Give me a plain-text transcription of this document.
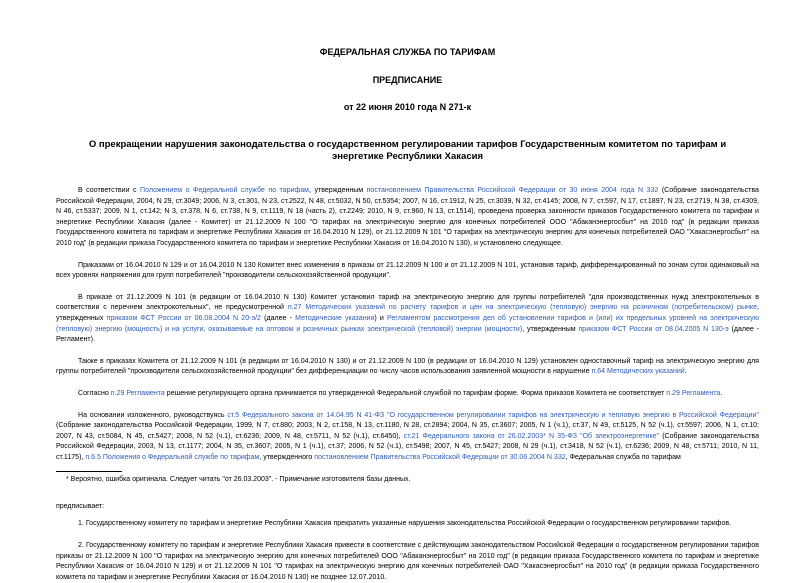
ФЕДЕРАЛЬНАЯ СЛУЖБА ПО ТАРИФАМ
ПРЕДПИСАНИЕ
от 22 июня 2010 года N 271-к
О прекращении нарушения законодательства о государственном регулировании тарифов Государственным комитетом по тарифам и энергетике Республики Хакасия

В соответствии с Положением о Федеральной службе по тарифам, утвержденным постановлением Правительства Российской Федерации от 30 июня 2004 года N 332 (Собрание законодательства Российской Федерации, 2004, N 29, ст.3049; 2006, N 3, ст.301, N 23, ст.2522, N 48, ст.5032, N 50, ст.5354; 2007, N 16, ст.1912, N 25, ст.3039, N 32, ст.4145; 2008, N 7, ст.597, N 17, ст.1897, N 23, ст.2719, N 38, ст.4309, N 46, ст.5337; 2009, N 1, ст.142; N 3, ст.378, N 6, ст.738, N 9, ст.1119, N 18 (часть 2), ст.2249; 2010, N 9, ст.960, N 13, ст.1514), проведена проверка законности приказов Государственного комитета по тарифам и энергетике Республики Хакасия (далее - Комитет) от 21.12.2009 N 100 "О тарифах на электрическую энергию для конечных потребителей ООО "Абаканэнергосбыт" на 2010 год" (в редакции приказа Государственного комитета по тарифам и энергетике Республики Хакасия от 16.04.2010 N 129), от 21.12.2009 N 101 "О тарифах на электрическую энергию для конечных потребителей ОАО "Хакасэнергосбыт" на 2010 год" (в редакции приказа Государственного комитета по тарифам и энергетике Республики Хакасия от 16.04.2010 N 130), и установлено следующее.

Приказами от 16.04.2010 N 129 и от 16.04.2010 N 130 Комитет внес изменения в приказы от 21.12.2009 N 100 и от 21.12.2009 N 101, установив тариф, дифференцированный по зонам суток одинаковый на всех уровнях напряжения для групп потребителей "производители сельскохозяйственной продукции".

В приказе от 21.12.2009 N 101 (в редакции от 16.04.2010 N 130) Комитет установил тариф на электрическую энергию для группы потребителей "для производственных нужд электрокотельных в соответствии с перечнем электрокотельных", не предусмотренной п.27 Методических указаний по расчету тарифов и цен на электрическую (тепловую) энергию на розничном (потребительском) рынке, утвержденных приказом ФСТ России от 06.08.2004 N 20-э/2 (далее - Методические указания) и Регламентом рассмотрения дел об установлении тарифов и (или) их предельных уровней на электрическую (тепловую) энергию (мощность) и на услуги, оказываемые на оптовом и розничных рынках электрической (тепловой) энергии (мощности), утвержденным приказом ФСТ России от 08.04.2005 N 130-э (далее - Регламент).

Также в приказах Комитета от 21.12.2009 N 101 (в редакции от 16.04.2010 N 130) и от 21.12.2009 N 100 (в редакции от 16.04.2010 N 129) установлен одноставочный тариф на электрическую энергию для группы потребителей "производители сельскохозяйственной продукции" без дифференциации по числу часов использования заявленной мощности в нарушение п.64 Методических указаний.

Согласно п.29 Регламента решение регулирующего органа принимается по утвержденной Федеральной службой по тарифам форме. Форма приказов Комитета не соответствует п.29 Регламента.

На основании изложенного, руководствуясь ст.5 Федерального закона от 14.04.95 N 41-ФЗ "О государственном регулировании тарифов на электрическую и тепловую энергию в Российской Федерации" (Собрание законодательства Российской Федерации, 1999, N 7, ст.880; 2003, N 2, ст.158, N 13, ст.1180, N 28, ст.2894; 2004, N 35, ст.3607; 2005, N 1 (ч.1), ст.37, N 49, ст.5125, N 52 (ч.1), ст.5597; 2006, N 1, ст.10; 2007, N 43, ст.5084, N 45, ст.5427; 2008, N 52 (ч.1), ст.6236; 2009, N 48, ст.5711, N 52 (ч.1), ст.6450), ст.21 Федерального закона от 26.02.2003* N 35-ФЗ "Об электроэнергетике" (Собрание законодательства Российской Федерации, 2003, N 13, ст.1177; 2004, N 35, ст.3607; 2005, N 1 (ч.1), ст.37; 2006, N 52 (ч.1), ст.5498; 2007, N 45, ст.5427; 2008, N 29 (ч.1), ст.3418, N 52 (ч.1), ст.6236; 2009, N 48, ст.5711; 2010, N 11, ст.1175), п.6.5 Положения о Федеральной службе по тарифам, утвержденного постановлением Правительства Российской Федерации от 30.06.2004 N 332, Федеральная служба по тарифам

* Вероятно, ошибка оригинала. Следует читать "от 26.03.2003". - Примечание изготовителя базы данных.
предписывает:

1. Государственному комитету по тарифам и энергетике Республики Хакасия прекратить указанные нарушения законодательства Российской Федерации о государственном регулировании тарифов.

2. Государственному комитету по тарифам и энергетике Республики Хакасия привести в соответствие с действующим законодательством Российской Федерации о государственном регулировании тарифов приказы от 21.12.2009 N 100 "О тарифах на электрическую энергию для конечных потребителей ООО "Абаканэнергосбыт" на 2010 год" (в редакции приказа Государственного комитета по тарифам и энергетике Республики Хакасия от 16.04.2010 N 129) и от 21.12.2009 N 101 "О тарифах на электрическую энергию для конечных потребителей ОАО "Хакасэнергосбыт" на 2010 год" (в редакции приказа Государственного комитета по тарифам и энергетике Республики Хакасия от 16.04.2010 N 130) не позднее 12.07.2010.
